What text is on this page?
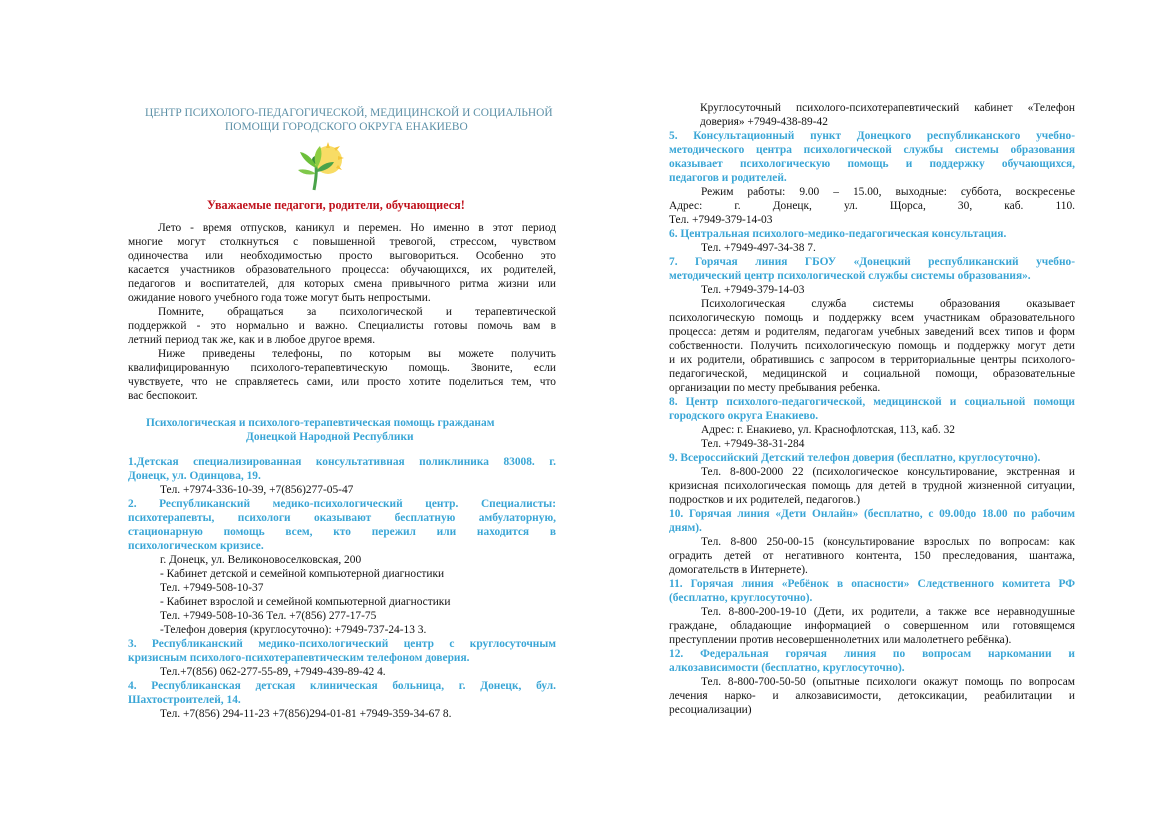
ЦЕНТР ПСИХОЛОГО-ПЕДАГОГИЧЕСКОЙ, МЕДИЦИНСКОЙ И СОЦИАЛЬНОЙ
ПОМОЩИ ГОРОДСКОГО ОКРУГА ЕНАКИЕВО
Уважаемые педагоги, родители, обучающиеся!
Лето - время отпусков, каникул и перемен. Но именно в этот период
многие могут столкнуться с повышенной тревогой, стрессом, чувством
одиночества или необходимостью просто выговориться. Особенно это
касается участников образовательного процесса: обучающихся, их родителей,
педагогов и воспитателей, для которых смена привычного ритма жизни или
ожидание нового учебного года тоже могут быть непростыми.
Помните, обращаться за психологической и терапевтической
поддержкой - это нормально и важно. Специалисты готовы помочь вам в
летний период так же, как и в любое другое время.
Ниже приведены телефоны, по которым вы можете получить
квалифицированную психолого-терапевтическую помощь. Звоните, если
чувствуете, что не справляетесь сами, или просто хотите поделиться тем, что
вас беспокоит.
Психологическая и психолого-терапевтическая помощь гражданам
Донецкой Народной Республики
1.Детская специализированная консультативная поликлиника 83008. г.
Донецк, ул. Одинцова, 19.
Тел. +7974-336-10-39, +7(856)277-05-47
2. Республиканский медико-психологический центр. Специалисты:
психотерапевты, психологи оказывают бесплатную амбулаторную,
стационарную помощь всем, кто пережил или находится в
психологическом кризисе.
г. Донецк, ул. Великоновоселковская, 200
- Кабинет детской и семейной компьютерной диагностики
Тел. +7949-508-10-37
- Кабинет взрослой и семейной компьютерной диагностики
Тел. +7949-508-10-36 Тел. +7(856) 277-17-75
-Телефон доверия (круглосуточно): +7949-737-24-13 3.
3. Республиканский медико-психологический центр с круглосуточным
кризисным психолого-психотерапевтическим телефоном доверия.
Тел.+7(856) 062-277-55-89, +7949-439-89-42 4.
4. Республиканская детская клиническая больница, г. Донецк, бул.
Шахтостроителей, 14.
Тел. +7(856) 294-11-23 +7(856)294-01-81 +7949-359-34-67 8.
Круглосуточный психолого-психотерапевтический кабинет «Телефон
доверия» +7949-438-89-42
5. Консультационный пункт Донецкого республиканского учебно-
методического центра психологической службы системы образования
оказывает психологическую помощь и поддержку обучающихся,
педагогов и родителей.
Режим работы: 9.00 – 15.00, выходные: суббота, воскресенье
Адрес: г. Донецк, ул. Щорса, 30, каб. 110.
Тел. +7949-379-14-03
6. Центральная психолого-медико-педагогическая консультация.
Тел. +7949-497-34-38 7.
7. Горячая линия ГБОУ «Донецкий республиканский учебно-
методический центр психологической службы системы образования».
Тел. +7949-379-14-03
Психологическая служба системы образования оказывает
психологическую помощь и поддержку всем участникам образовательного
процесса: детям и родителям, педагогам учебных заведений всех типов и форм
собственности. Получить психологическую помощь и поддержку могут дети
и их родители, обратившись с запросом в территориальные центры психолого-
педагогической, медицинской и социальной помощи, образовательные
организации по месту пребывания ребенка.
8. Центр психолого-педагогической, медицинской и социальной помощи
городского округа Енакиево.
Адрес: г. Енакиево, ул. Краснофлотская, 113, каб. 32
Тел. +7949-38-31-284
9. Всероссийский Детский телефон доверия (бесплатно, круглосуточно).
Тел. 8-800-2000 22 (психологическое консультирование, экстренная и
кризисная психологическая помощь для детей в трудной жизненной ситуации,
подростков и их родителей, педагогов.)
10. Горячая линия «Дети Онлайн» (бесплатно, с 09.00до 18.00 по рабочим
дням).
Тел. 8-800 250-00-15 (консультирование взрослых по вопросам: как
оградить детей от негативного контента, 150 преследования, шантажа,
домогательств в Интернете).
11. Горячая линия «Ребёнок в опасности» Следственного комитета РФ
(бесплатно, круглосуточно).
Тел. 8-800-200-19-10 (Дети, их родители, а также все неравнодушные
граждане, обладающие информацией о совершенном или готовящемся
преступлении против несовершеннолетних или малолетнего ребёнка).
12. Федеральная горячая линия по вопросам наркомании и
алкозависимости (бесплатно, круглосуточно).
Тел. 8-800-700-50-50 (опытные психологи окажут помощь по вопросам
лечения нарко- и алкозависимости, детоксикации, реабилитации и
ресоциализации)
